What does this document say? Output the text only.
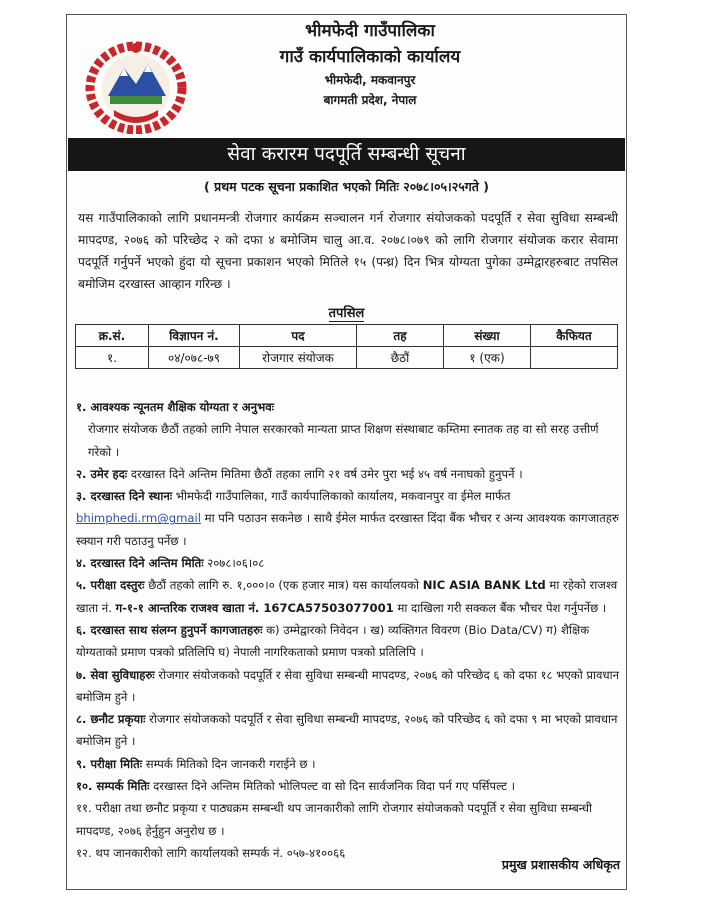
भीमफेदी गाउँपालिका
गाउँ कार्यपालिकाको कार्यालय
भीमफेदी, मकवानपुर
बागमती प्रदेश, नेपाल
सेवा करारम पदपूर्ति सम्बन्धी सूचना
( प्रथम पटक सूचना प्रकाशित भएको मितिः २०७८।०५।२५गते )
यस गाउँपालिकाको लागि प्रधानमन्त्री रोजगार कार्यक्रम सञ्चालन गर्न रोजगार संयोजकको पदपूर्ति र सेवा सुविधा सम्बन्धी मापदण्ड, २०७६ को परिच्छेद २ को दफा ४ बमोजिम चालु आ.व. २०७८।०७९ को लागि रोजगार संयोजक करार सेवामा पदपूर्ति गर्नुपर्ने भएको हुंदा यो सूचना प्रकाशन भएको मितिले १५ (पन्ध्र) दिन भित्र योग्यता पुगेका उम्मेद्वारहरुबाट तपसिल बमोजिम दरखास्त आव्हान गरिन्छ ।
तपसिल
क्र.सं.	विज्ञापन नं.	पद	तह	संख्या	कैफियत
१.	०४/०७८-७९	रोजगार संयोजक	छैठौं	१ (एक)	
१. आवश्यक न्यूनतम शैक्षिक योग्यता र अनुभवः
रोजगार संयोजक छैठौं तहको लागि नेपाल सरकारको मान्यता प्राप्त शिक्षण संस्थाबाट कम्तिमा स्नातक तह वा सो सरह उत्तीर्ण गरेको ।
२. उमेर हदः दरखास्त दिने अन्तिम मितिमा छैठौं तहका लागि २१ वर्ष उमेर पुरा भई ४५ वर्ष ननाघको हुनुपर्ने ।
३. दरखास्त दिने स्थानः भीमफेदी गाउँपालिका, गाउँ कार्यपालिकाको कार्यालय, मकवानपुर वा ईमेल मार्फत bhimphedi.rm@gmail मा पनि पठाउन सकनेछ । साथै ईमेल मार्फत दरखास्त दिंदा बैंक भौचर र अन्य आवश्यक कागजातहरु स्क्यान गरी पठाउनु पर्नेछ ।
४. दरखास्त दिने अन्तिम मितिः २०७८।०६।०८
५. परीक्षा दस्तुरः छैठौं तहको लागि रु. १,०००।० (एक हजार मात्र) यस कार्यालयको NIC ASIA BANK Ltd मा रहेको राजश्व खाता नं. ग-१-१ आन्तरिक राजश्व खाता नं. 167CA57503077001 मा दाखिला गरी सक्कल बैंक भौचर पेश गर्नुपर्नेछ ।
६. दरखास्त साथ संलग्न हुनुपर्ने कागजातहरुः क) उम्मेद्वारको निवेदन । ख) व्यक्तिगत विवरण (Bio Data/CV) ग) शैक्षिक योग्यताको प्रमाण पत्रको प्रतिलिपि घ) नेपाली नागरिकताको प्रमाण पत्रको प्रतिलिपि ।
७. सेवा सुविधाहरुः रोजगार संयोजकको पदपूर्ति र सेवा सुविधा सम्बन्धी मापदण्ड, २०७६ को परिच्छेद ६ को दफा १८ भएको प्रावधान बमोजिम हुने ।
८. छनौट प्रकृयाः रोजगार संयोजकको पदपूर्ति र सेवा सुविधा सम्बन्धी मापदण्ड, २०७६ को परिच्छेद ६ को दफा ९ मा भएको प्रावधान बमोजिम हुने ।
९. परीक्षा मितिः सम्पर्क मितिको दिन जानकरी गराईने छ ।
१०. सम्पर्क मितिः दरखास्त दिने अन्तिम मितिको भोलिपल्ट वा सो दिन सार्वजनिक विदा पर्न गए पर्सिपल्ट ।
११. परीक्षा तथा छनौट प्रकृया र पाठ्यक्रम सम्बन्धी थप जानकारीको लागि रोजगार संयोजकको पदपूर्ति र सेवा सुविधा सम्बन्धी मापदण्ड, २०७६ हेर्नुहुन अनुरोध छ ।
१२. थप जानकारीको लागि कार्यालयको सम्पर्क नं. ०५७-४१००६६
प्रमुख प्रशासकीय अधिकृत
